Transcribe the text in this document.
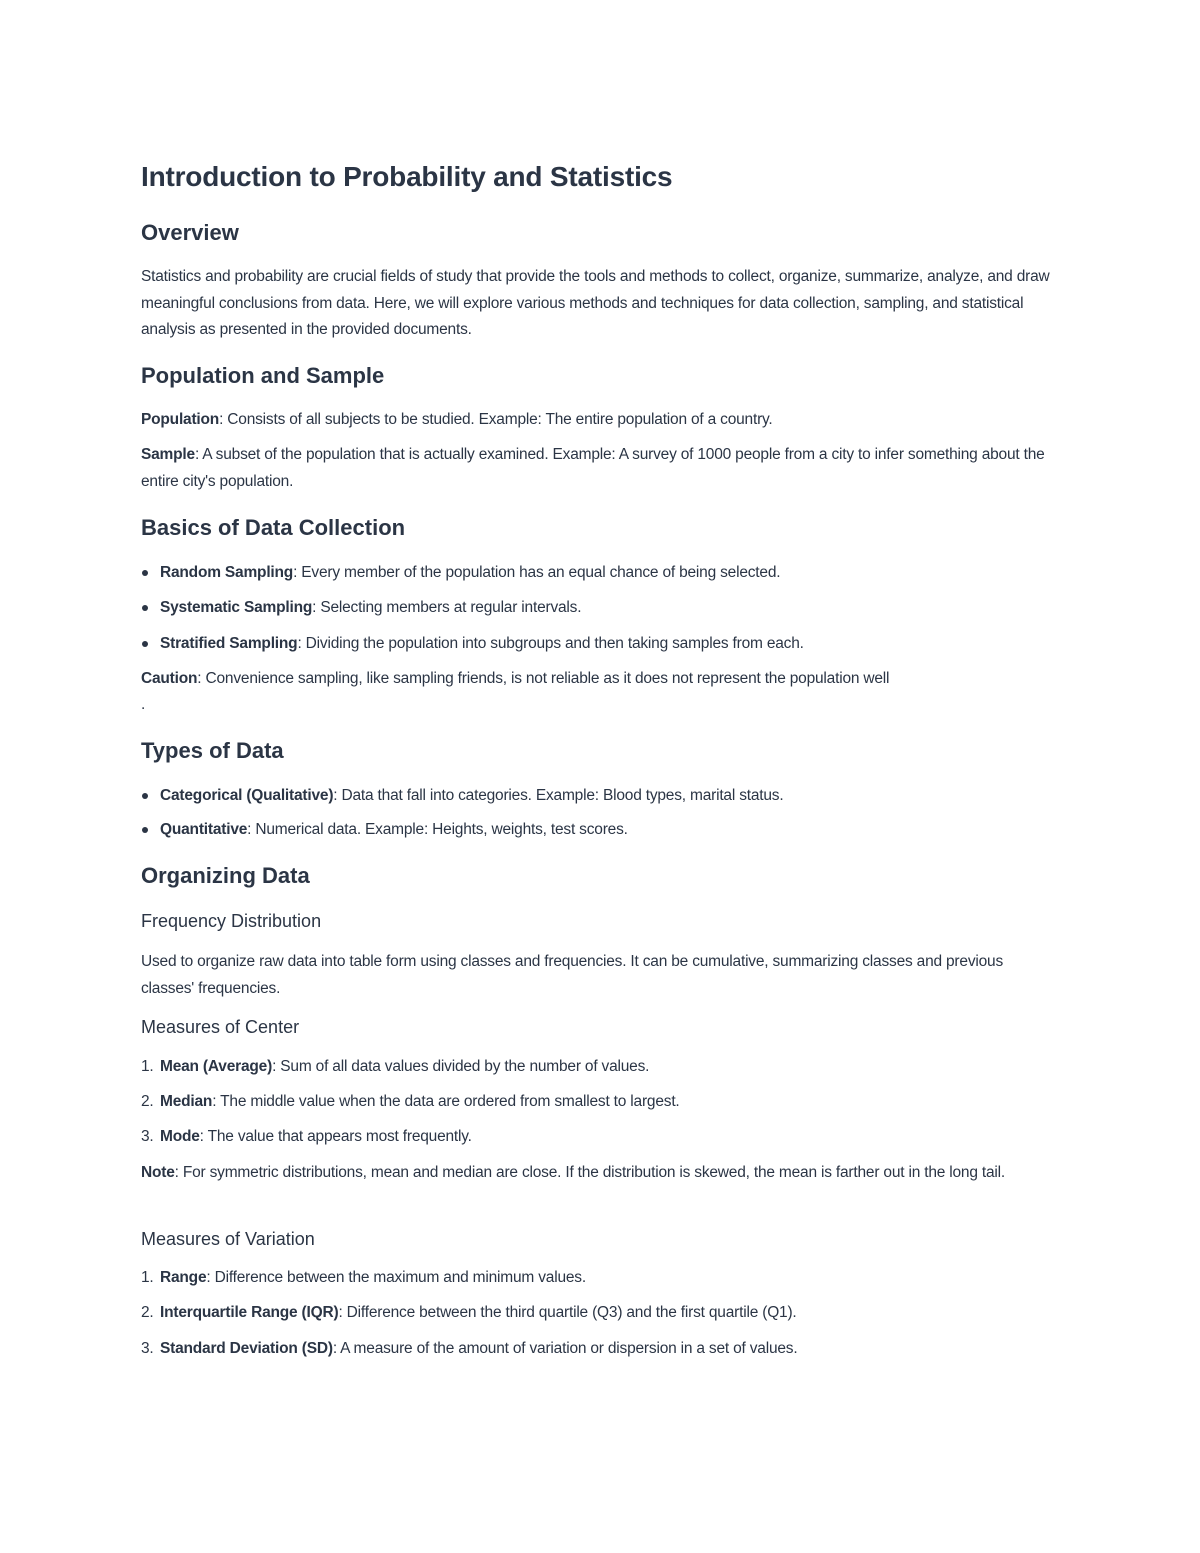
Introduction to Probability and Statistics
Overview

Statistics and probability are crucial fields of study that provide the tools and methods to collect, organize, summarize, analyze, and draw meaningful conclusions from data. Here, we will explore various methods and techniques for data collection, sampling, and statistical analysis as presented in the provided documents.

Population and Sample

Population: Consists of all subjects to be studied. Example: The entire population of a country.

Sample: A subset of the population that is actually examined. Example: A survey of 1000 people from a city to infer something about the entire city's population.

Basics of Data Collection

Random Sampling: Every member of the population has an equal chance of being selected.

Systematic Sampling: Selecting members at regular intervals.

Stratified Sampling: Dividing the population into subgroups and then taking samples from each.

Caution: Convenience sampling, like sampling friends, is not reliable as it does not represent the population well

.

Types of Data

Categorical (Qualitative): Data that fall into categories. Example: Blood types, marital status.

Quantitative: Numerical data. Example: Heights, weights, test scores.

Organizing Data
Frequency Distribution

Used to organize raw data into table form using classes and frequencies. It can be cumulative, summarizing classes and previous classes' frequencies.

Measures of Center

1. Mean (Average): Sum of all data values divided by the number of values.

2. Median: The middle value when the data are ordered from smallest to largest.

3. Mode: The value that appears most frequently.

Note: For symmetric distributions, mean and median are close. If the distribution is skewed, the mean is farther out in the long tail.

Measures of Variation

1. Range: Difference between the maximum and minimum values.

2. Interquartile Range (IQR): Difference between the third quartile (Q3) and the first quartile (Q1).

3. Standard Deviation (SD): A measure of the amount of variation or dispersion in a set of values.
